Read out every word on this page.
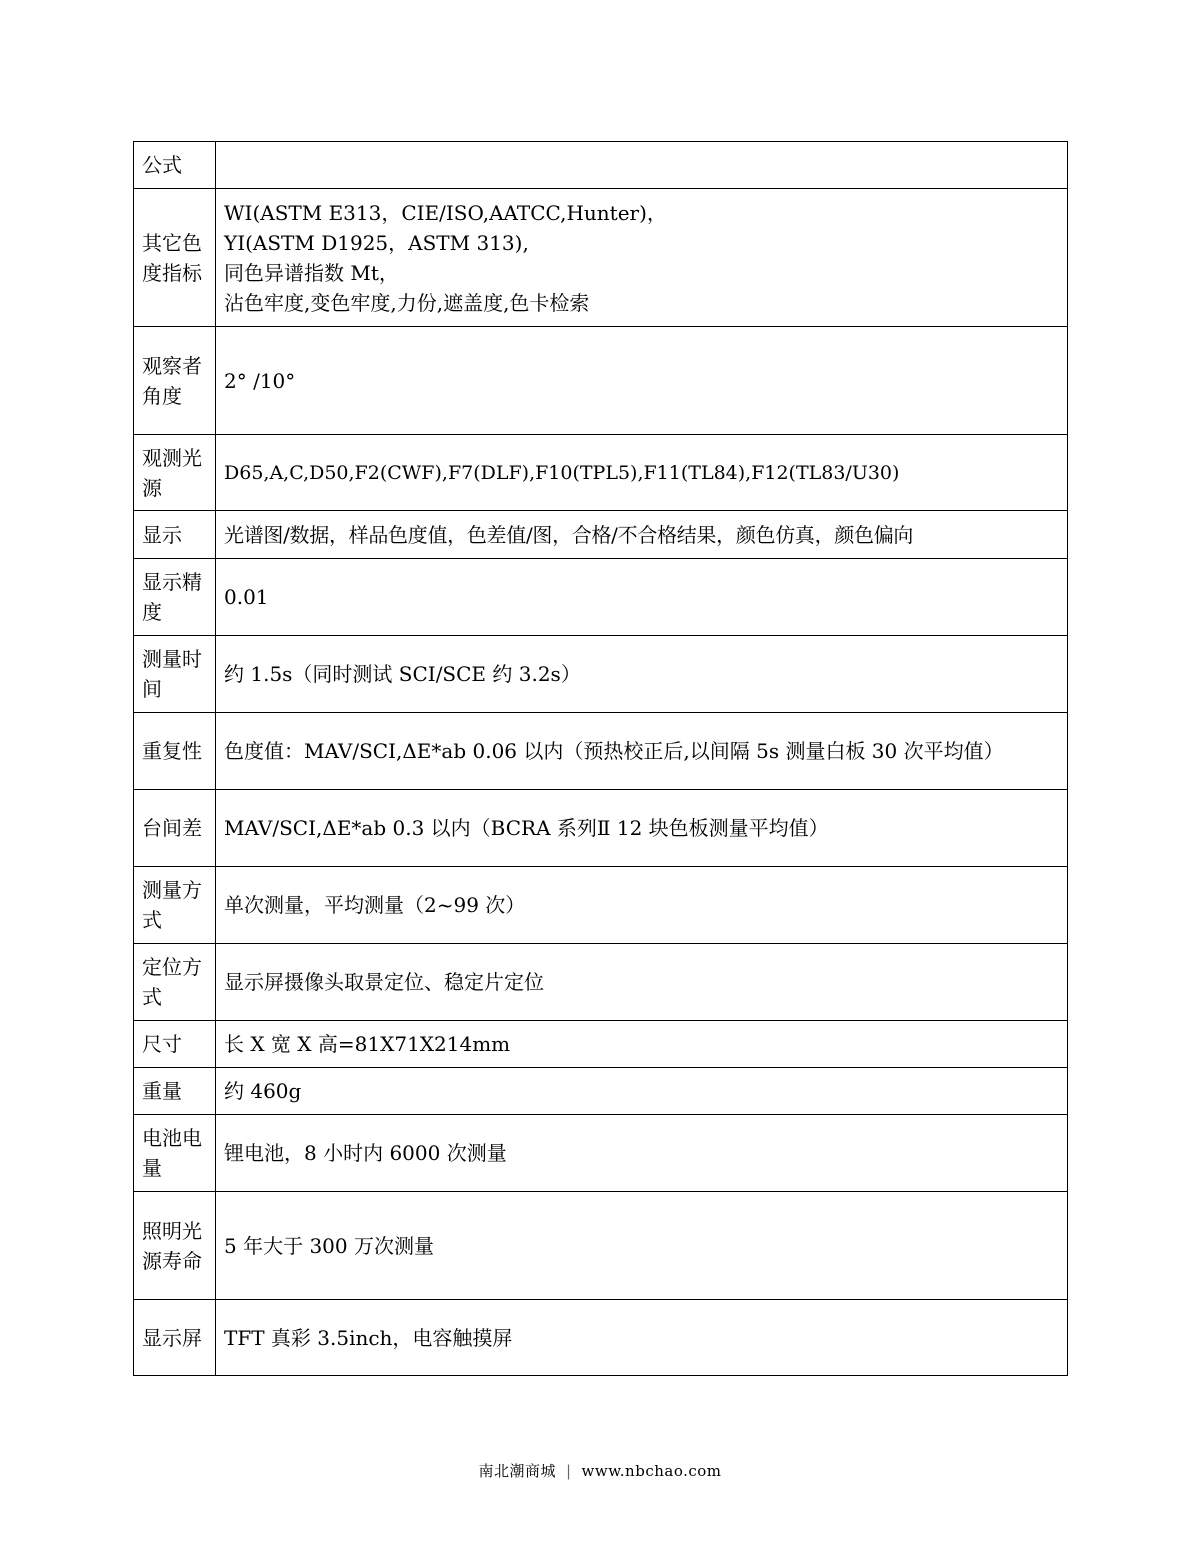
公式	
其它色度指标	WI(ASTM E313，CIE/ISO,AATCC,Hunter)，
YI(ASTM D1925，ASTM 313),
同色异谱指数 Mt，
沾色牢度,变色牢度,力份,遮盖度,色卡检索

观察者角度	2° /10°
观测光源	D65,A,C,D50,F2(CWF),F7(DLF),F10(TPL5),F11(TL84),F12(TL83/U30)
显示	光谱图/数据，样品色度值，色差值/图，合格/不合格结果，颜色仿真，颜色偏向
显示精度	0.01
测量时间	约 1.5s（同时测试 SCI/SCE 约 3.2s）
重复性	色度值：MAV/SCI,ΔE*ab 0.06 以内（预热校正后,以间隔 5s 测量白板 30 次平均值）
台间差	MAV/SCI,ΔE*ab 0.3 以内（BCRA 系列Ⅱ 12 块色板测量平均值）
测量方式	单次测量，平均测量（2~99 次）
定位方式	显示屏摄像头取景定位、稳定片定位
尺寸	长 X 宽 X 高=81X71X214mm
重量	约 460g
电池电量	锂电池，8 小时内 6000 次测量
照明光源寿命	5 年大于 300 万次测量
显示屏	TFT 真彩 3.5inch，电容触摸屏
南北潮商城 | www.nbchao.com
